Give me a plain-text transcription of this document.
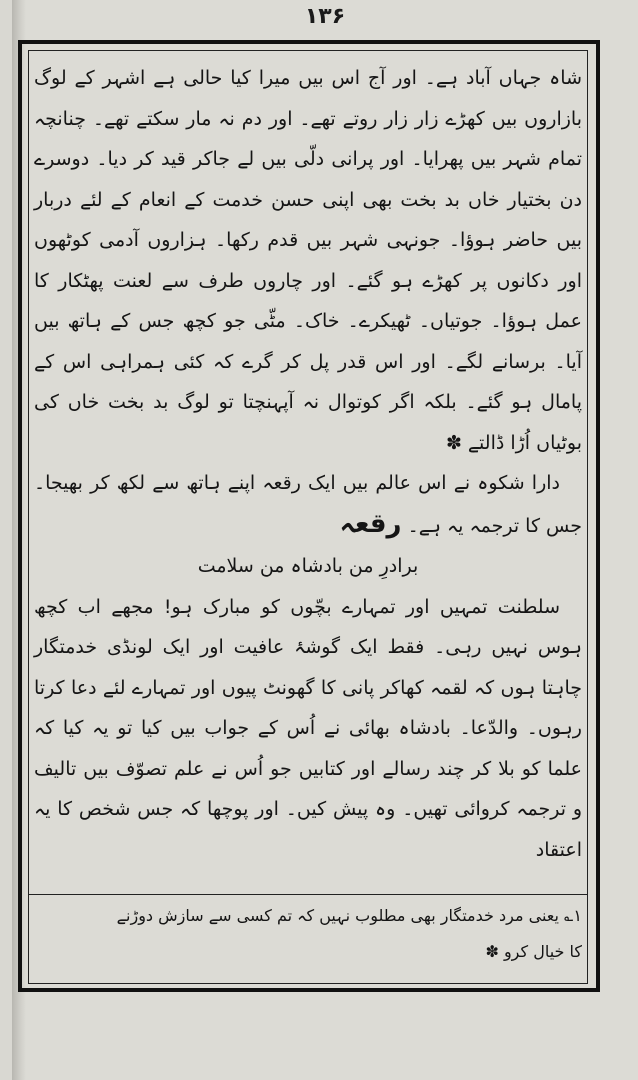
۱۳۶

شاہ جہاں آباد ہے۔ اور آج اس بیں میرا کیا حالی ہے اشہر کے لوگ بازاروں بیں کھڑے زار زار روتے تھے۔ اور دم نہ مار سکتے تھے۔ چنانچہ تمام شہر بیں پھرایا۔ اور پرانی دلّی بیں لے جاکر قید کر دیا۔ دوسرے دن بختیار خاں بد بخت بھی اپنی حسن خدمت کے انعام کے لئے دربار بیں حاضر ہوؤا۔ جونہی شہر بیں قدم رکھا۔ ہزاروں آدمی کوٹھوں اور دکانوں پر کھڑے ہو گئے۔ اور چاروں طرف سے لعنت پھٹکار کا عمل ہوؤا۔ جوتیاں۔ ٹھیکرے۔ خاک۔ مٹّی جو کچھ جس کے ہاتھ بیں آیا۔ برسانے لگے۔ اور اس قدر پل کر گرے کہ کئی ہمراہی اس کے پامال ہو گئے۔ بلکہ اگر کوتوال نہ آپہنچتا تو لوگ بد بخت خاں کی بوٹیاں اُڑا ڈالتے ✽

دارا شکوہ نے اس عالم بیں ایک رقعہ اپنے ہاتھ سے لکھ کر بھیجا۔ جس کا ترجمہ یہ ہے۔ رقعہ

برادرِ من بادشاہ من سلامت

سلطنت تمہیں اور تمہارے بچّوں کو مبارک ہو! مجھے اب کچھ ہوس نہیں رہی۔ فقط ایک گوشۂ عافیت اور ایک لونڈی خدمتگار چاہتا ہوں کہ لقمہ کھاکر پانی کا گھونٹ پیوں اور تمہارے لئے دعا کرتا رہوں۔ والدّعا۔ بادشاہ بھائی نے اُس کے جواب بیں کیا تو یہ کیا کہ علما کو بلا کر چند رسالے اور کتابیں جو اُس نے علم تصوّف بیں تالیف و ترجمہ کروائی تھیں۔ وہ پیش کیں۔ اور پوچھا کہ جس شخص کا یہ اعتقاد

۱؎ یعنی مرد خدمتگار بھی مطلوب نہیں کہ تم کسی سے سازش دوڑنے

کا خیال کرو ✽
